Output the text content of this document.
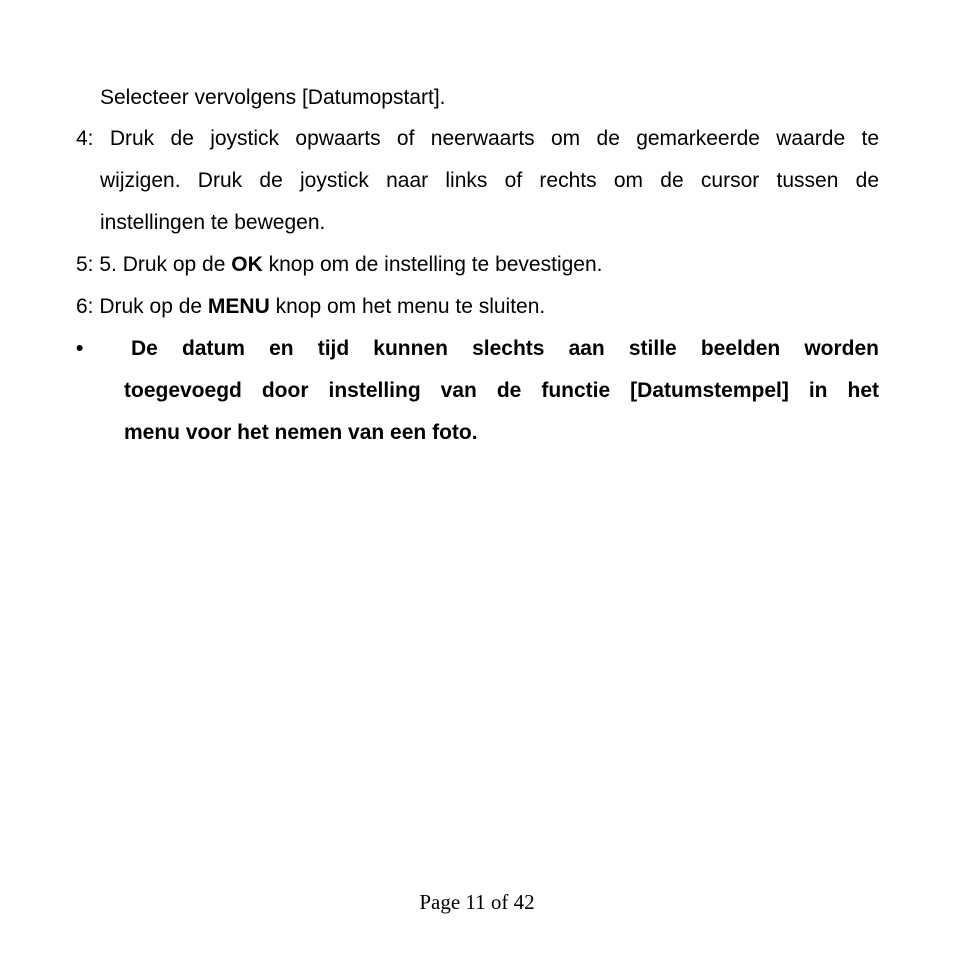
Selecteer vervolgens [Datumopstart].
4: Druk de joystick opwaarts of neerwaarts om de gemarkeerde waarde te
wijzigen. Druk de joystick naar links of rechts om de cursor tussen de
instellingen te bewegen.
5: 5. Druk op de OK knop om de instelling te bevestigen.
6: Druk op de MENU knop om het menu te sluiten.
• De datum en tijd kunnen slechts aan stille beelden worden
toegevoegd door instelling van de functie [Datumstempel] in het
menu voor het nemen van een foto.
Page 11 of 42
